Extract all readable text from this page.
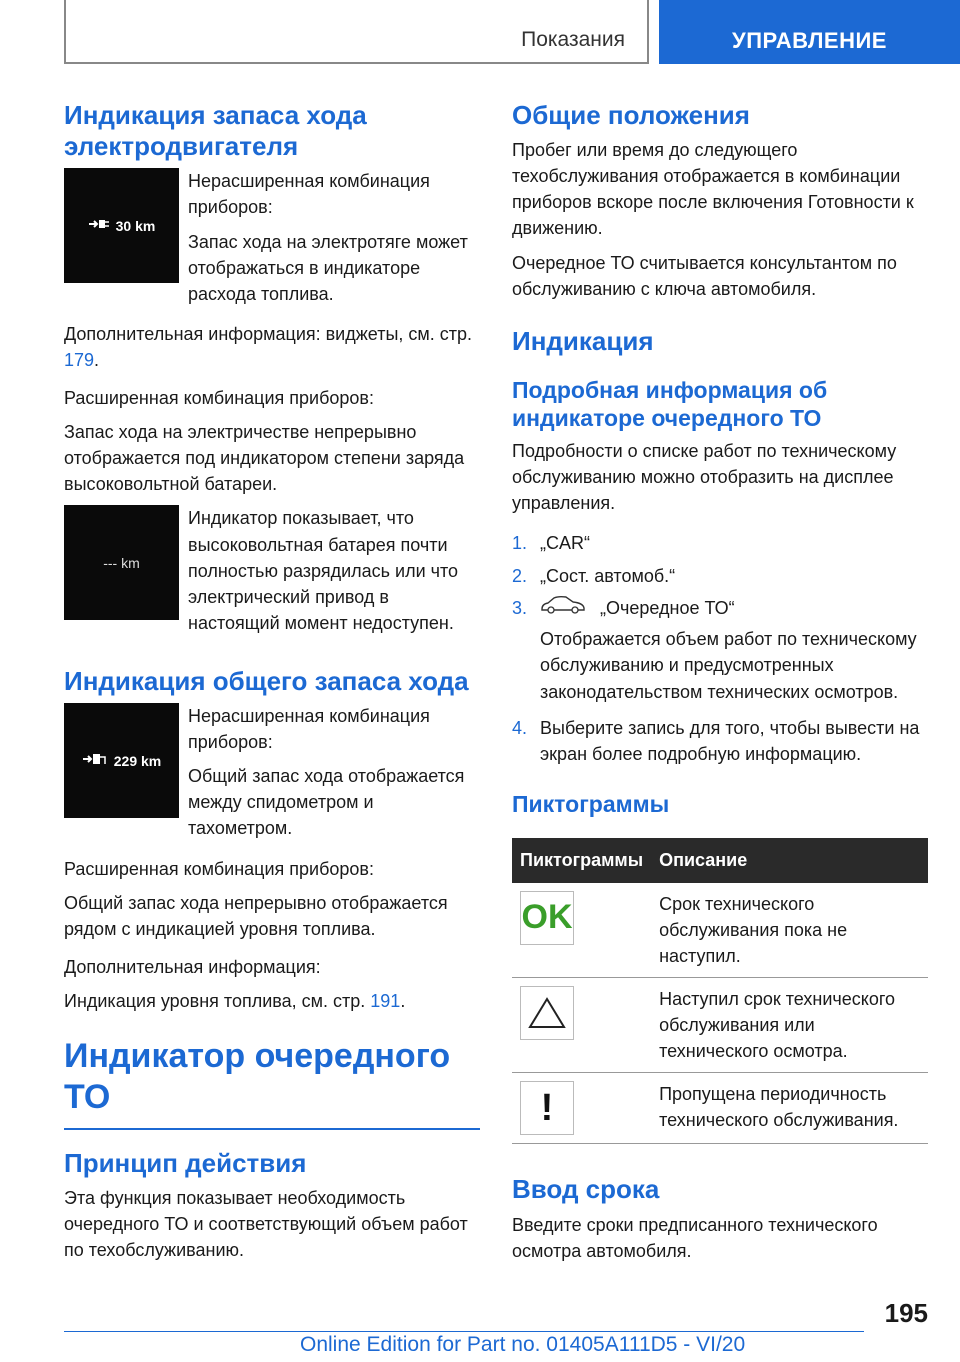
Показания	УПРАВЛЕНИЕ
Индикация запаса хода электродвигателя
30 km

Нерасширенная комбинация приборов:

Запас хода на электротяге может отображаться в индикаторе расхода топлива.

Дополнительная информация: виджеты, см. стр. 179.

Расширенная комбинация приборов:

Запас хода на электричестве непрерывно отображается под индикатором степени заряда высоковольтной батареи.

--- km

Индикатор показывает, что высоковольтная батарея почти полностью разрядилась или что электрический привод в настоящий момент недоступен.

Индикация общего запаса хода
229 km

Нерасширенная комбинация приборов:

Общий запас хода отображается между спидометром и тахометром.

Расширенная комбинация приборов:

Общий запас хода непрерывно отображается рядом с индикацией уровня топлива.

Дополнительная информация:

Индикация уровня топлива, см. стр. 191.

Индикатор очередного ТО
Принцип действия

Эта функция показывает необходимость очередного ТО и соответствующий объем работ по техобслуживанию.

Общие положения

Пробег или время до следующего техобслуживания отображается в комбинации приборов вскоре после включения Готовности к движению.

Очередное ТО считывается консультантом по обслуживанию с ключа автомобиля.

Индикация
Подробная информация об индикаторе очередного ТО

Подробности о списке работ по техническому обслуживанию можно отобразить на дисплее управления.

1. „CAR“
2. „Сост. автомоб.“
3.	„Очередное ТО“

Отображается объем работ по техническому обслуживанию и предусмотренных законодательством технических осмотров.

4. Выберите запись для того, чтобы вывести на экран более подробную информацию.
Пиктограммы
Пиктограммы	Описание

OK	Срок технического обслуживания пока не наступил.

	Наступил срок технического обслуживания или технического осмотра.

!	Пропущена периодичность технического обслуживания.
Ввод срока

Введите сроки предписанного технического осмотра автомобиля.

195
Online Edition for Part no. 01405A111D5 - VI/20
